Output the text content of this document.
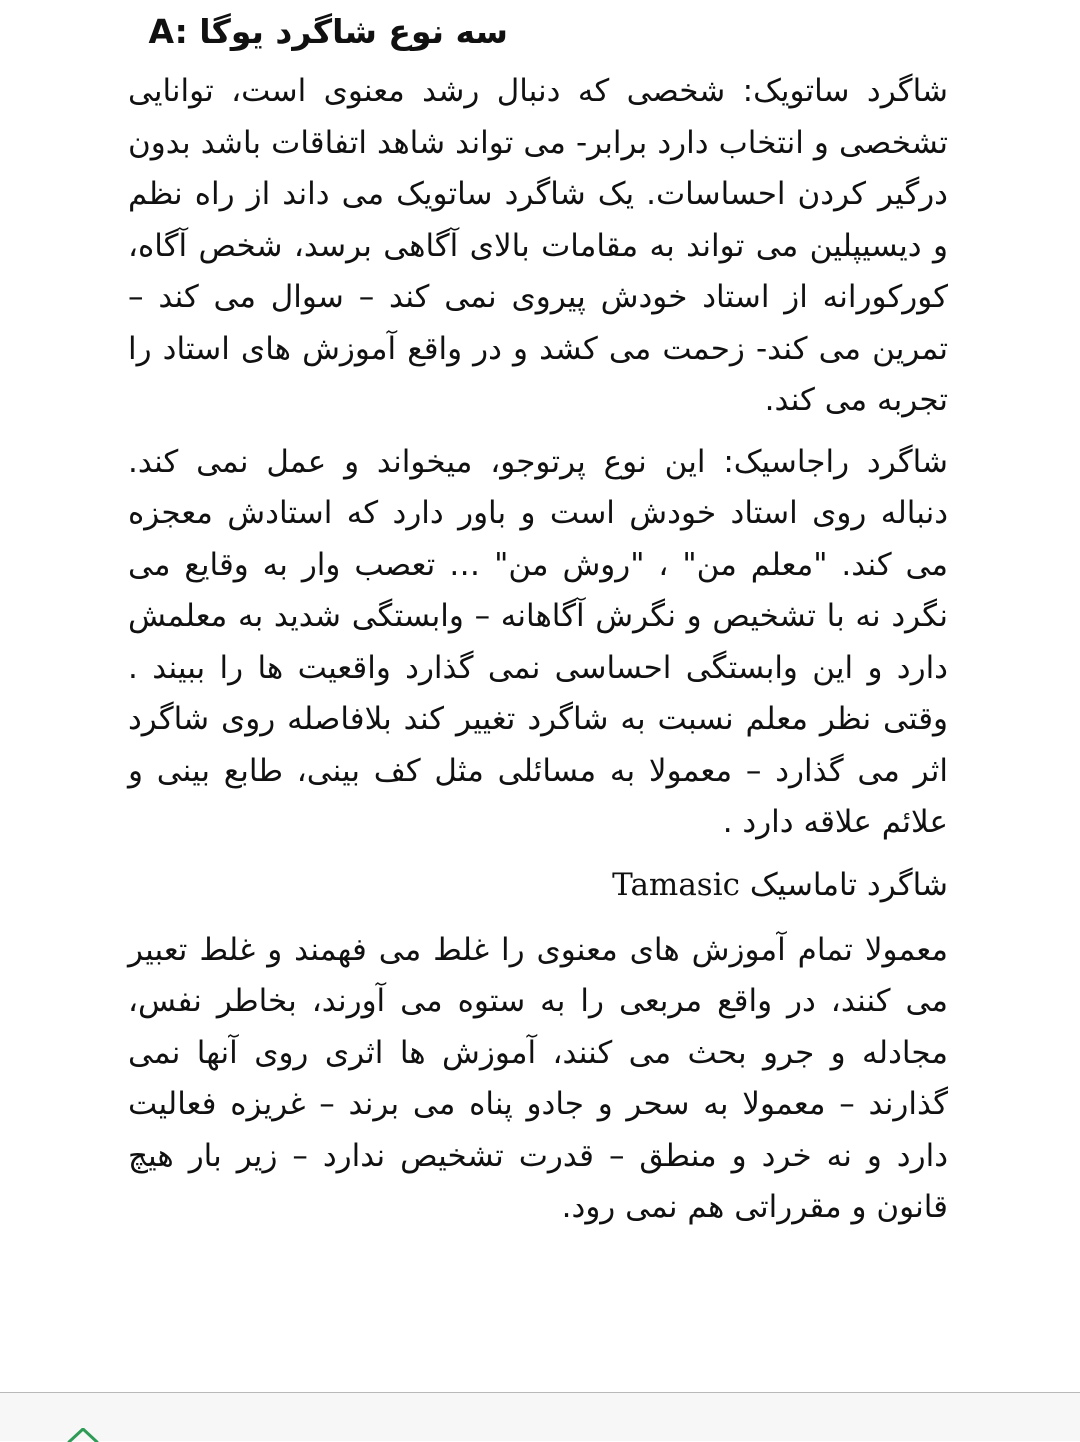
A: سه نوع شاگرد یوگا

شاگرد ساتویک: شخصی که دنبال رشد معنوی است، توانایی تشخصی و انتخاب دارد برابر- می تواند شاهد اتفاقات باشد بدون درگیر کردن احساسات. یک شاگرد ساتویک می داند از راه نظم و دیسیپلین می تواند به مقامات بالای آگاهی برسد، شخص آگاه، کورکورانه از استاد خودش پیروی نمی کند – سوال می کند – تمرین می کند- زحمت می کشد و در واقع آموزش های استاد را تجربه می کند.

شاگرد راجاسیک: این نوع پرتوجو، میخواند و عمل نمی کند. دنباله روی استاد خودش است و باور دارد که استادش معجزه می کند. "معلم من" ، "روش من" … تعصب وار به وقایع می نگرد نه با تشخیص و نگرش آگاهانه – وابستگی شدید به معلمش دارد و این وابستگی احساسی نمی گذارد واقعیت ها را ببیند . وقتی نظر معلم نسبت به شاگرد تغییر کند بلافاصله روی شاگرد اثر می گذارد – معمولا به مسائلی مثل کف بینی، طابع بینی و علائم علاقه دارد .

شاگرد تاماسیک Tamasic

معمولا تمام آموزش های معنوی را غلط می فهمند و غلط تعبیر می کنند، در واقع مربعی را به ستوه می آورند، بخاطر نفس، مجادله و جرو بحث می کنند، آموزش ها اثری روی آنها نمی گذارند – معمولا به سحر و جادو پناه می برند – غریزه فعالیت دارد و نه خرد و منطق – قدرت تشخیص ندارد – زیر بار هیچ قانون و مقرراتی هم نمی رود.
